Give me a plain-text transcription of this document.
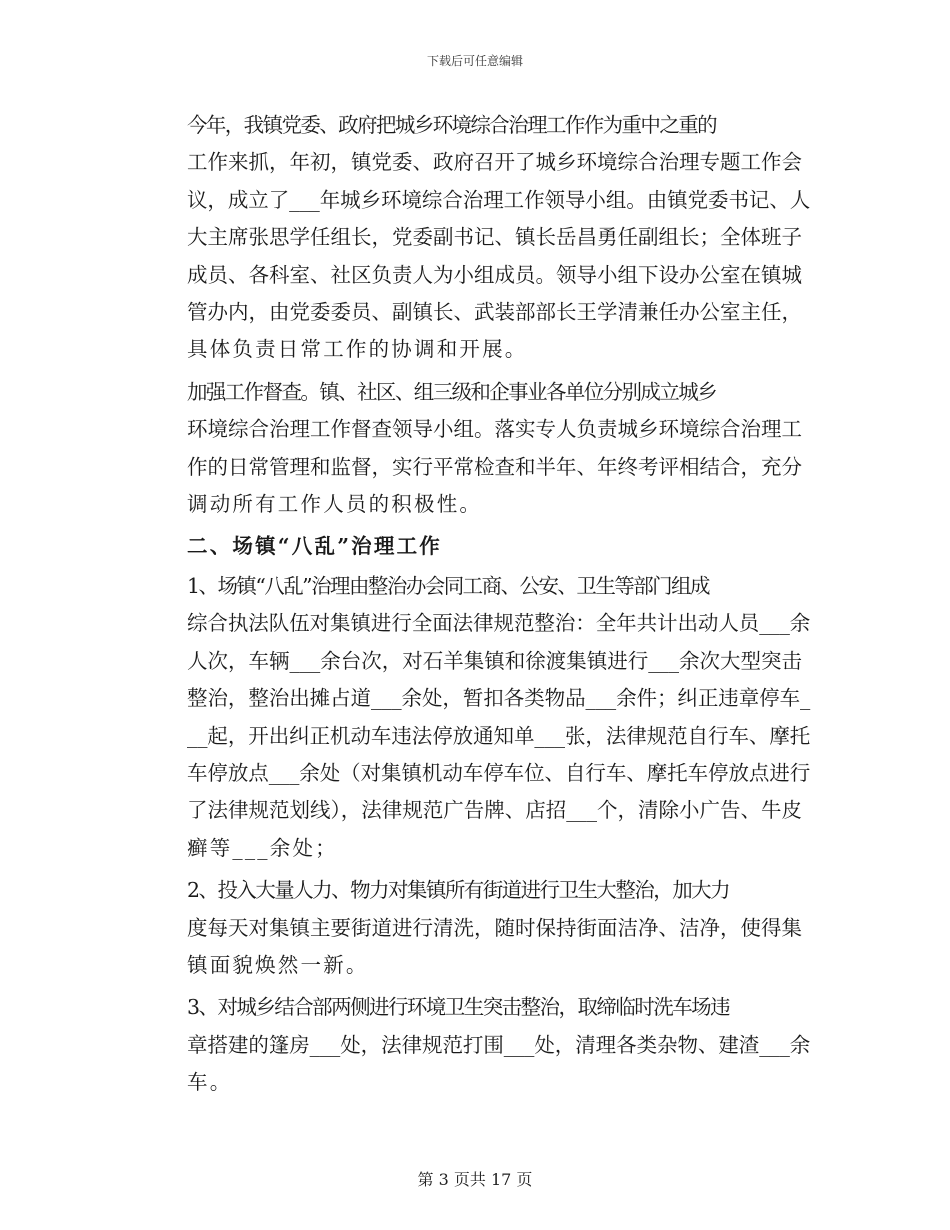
下载后可任意编辑
今年，我镇党委、政府把城乡环境综合治理工作作为重中之重的
工作来抓，年初，镇党委、政府召开了城乡环境综合治理专题工作会
议，成立了___年城乡环境综合治理工作领导小组。由镇党委书记、人
大主席张思学任组长，党委副书记、镇长岳昌勇任副组长；全体班子
成员、各科室、社区负责人为小组成员。领导小组下设办公室在镇城
管办内，由党委委员、副镇长、武装部部长王学清兼任办公室主任，
具体负责日常工作的协调和开展。
加强工作督查。镇、社区、组三级和企事业各单位分别成立城乡
环境综合治理工作督查领导小组。落实专人负责城乡环境综合治理工
作的日常管理和监督，实行平常检查和半年、年终考评相结合，充分
调动所有工作人员的积极性。
二、场镇“八乱”治理工作
1、场镇“八乱”治理由整治办会同工商、公安、卫生等部门组成
综合执法队伍对集镇进行全面法律规范整治：全年共计出动人员___余
人次，车辆___余台次，对石羊集镇和徐渡集镇进行___余次大型突击
整治，整治出摊占道___余处，暂扣各类物品___余件；纠正违章停车_
__起，开出纠正机动车违法停放通知单___张，法律规范自行车、摩托
车停放点___余处（对集镇机动车停车位、自行车、摩托车停放点进行
了法律规范划线），法律规范广告牌、店招___个，清除小广告、牛皮
癣等___余处；
2、投入大量人力、物力对集镇所有街道进行卫生大整治，加大力
度每天对集镇主要街道进行清洗，随时保持街面洁净、洁净，使得集
镇面貌焕然一新。
3、对城乡结合部两侧进行环境卫生突击整治，取缔临时洗车场违
章搭建的篷房___处，法律规范打围___处，清理各类杂物、建渣___余
车。
第 3 页共 17 页
